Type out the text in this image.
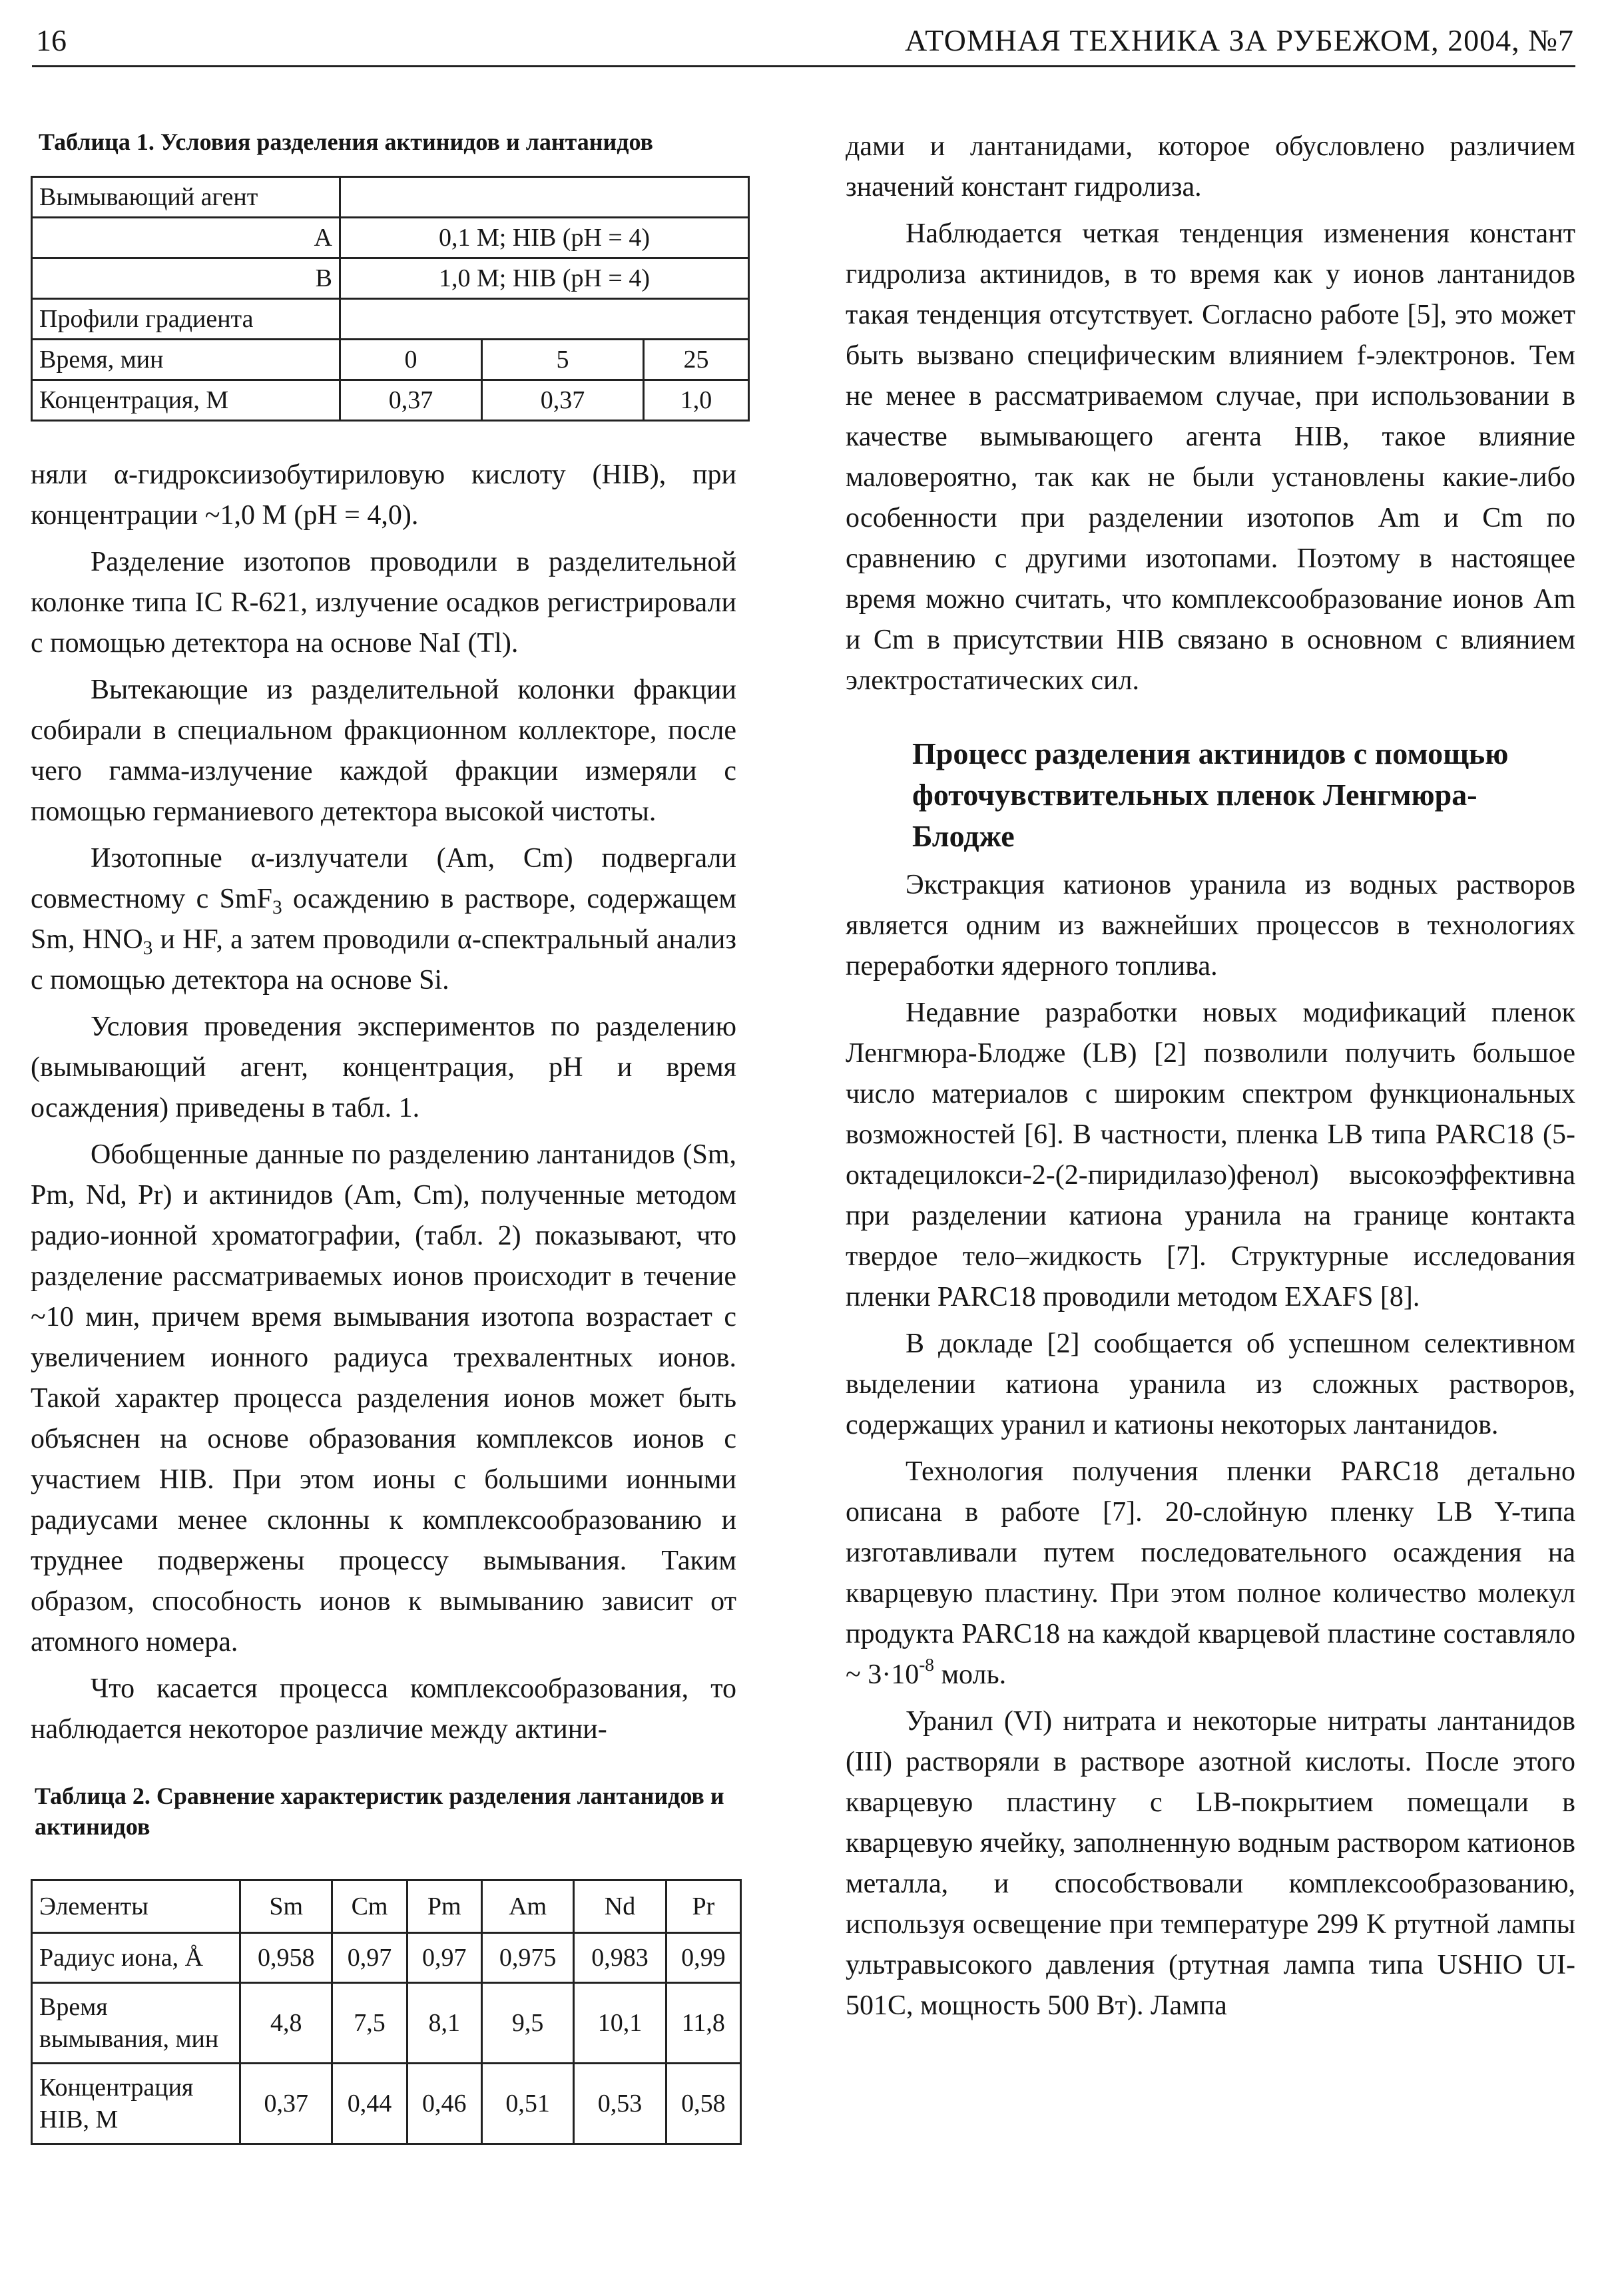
16	АТОМНАЯ ТЕХНИКА ЗА РУБЕЖОМ, 2004, №7

Таблица 1. Условия разделения актинидов и лантанидов

Вымывающий агент			
A	0,1 M; HIB (pH = 4)		
B	1,0 M; HIB (pH = 4)		
Профили градиента			
Время, мин	0	5	25
Концентрация, M	0,37	0,37	1,0

няли α-гидроксиизобутириловую кислоту (HIB), при концентрации ~1,0 M (pH = 4,0).

Разделение изотопов проводили в разделительной колонке типа IC R-621, излучение осадков регистрировали с помощью детектора на основе NaI (Tl).

Вытекающие из разделительной колонки фракции собирали в специальном фракционном коллекторе, после чего гамма-излучение каждой фракции измеряли с помощью германиевого детектора высокой чистоты.

Изотопные α-излучатели (Am, Cm) подвергали совместному с SmF$_3$ осаждению в растворе, содержащем Sm, $HNO_3$ и HF, а затем проводили α-спектральный анализ с помощью детектора на основе Si.

Условия проведения экспериментов по разделению (вымывающий агент, концентрация, pH и время осаждения) приведены в табл. 1.

Обобщенные данные по разделению лантанидов (Sm, Pm, Nd, Pr) и актинидов (Am, Cm), полученные методом радио-ионной хроматографии, (табл. 2) показывают, что разделение рассматриваемых ионов происходит в течение ~10 мин, причем время вымывания изотопа возрастает с увеличением ионного радиуса трехвалентных ионов. Такой характер процесса разделения ионов может быть объяснен на основе образования комплексов ионов с участием HIB. При этом ионы с большими ионными радиусами менее склонны к комплексообразованию и труднее подвержены процессу вымывания. Таким образом, способность ионов к вымыванию зависит от атомного номера.

Что касается процесса комплексообразования, то наблюдается некоторое различие между актини-

Таблица 2. Сравнение характеристик разделения лантанидов и актинидов

Элементы	Sm	Cm	Pm	Am	Nd	Pr
Радиус иона, Å	0,958	0,97	0,97	0,975	0,983	0,99
Время вымывания, мин	4,8	7,5	8,1	9,5	10,1	11,8
Концентрация HIB, M	0,37	0,44	0,46	0,51	0,53	0,58

дами и лантанидами, которое обусловлено различием значений констант гидролиза.

Наблюдается четкая тенденция изменения констант гидролиза актинидов, в то время как у ионов лантанидов такая тенденция отсутствует. Согласно работе [5], это может быть вызвано специфическим влиянием f-электронов. Тем не менее в рассматриваемом случае, при использовании в качестве вымывающего агента HIB, такое влияние маловероятно, так как не были установлены какие-либо особенности при разделении изотопов Am и Cm по сравнению с другими изотопами. Поэтому в настоящее время можно считать, что комплексообразование ионов Am и Cm в присутствии HIB связано в основном с влиянием электростатических сил.

Процесс разделения актинидов с помощью фоточувствительных пленок Ленгмюра-Блодже

Экстракция катионов уранила из водных растворов является одним из важнейших процессов в технологиях переработки ядерного топлива.

Недавние разработки новых модификаций пленок Ленгмюра-Блодже (LB) [2] позволили получить большое число материалов с широким спектром функциональных возможностей [6]. В частности, пленка LB типа PARC18 (5-октадецилокси-2-(2-пиридилазо)фенол) высокоэффективна при разделении катиона уранила на границе контакта твердое тело–жидкость [7]. Структурные исследования пленки PARC18 проводили методом EXAFS [8].

В докладе [2] сообщается об успешном селективном выделении катиона уранила из сложных растворов, содержащих уранил и катионы некоторых лантанидов.

Технология получения пленки PARC18 детально описана в работе [7]. 20-слойную пленку LB Y-типа изготавливали путем последовательного осаждения на кварцевую пластину. При этом полное количество молекул продукта PARC18 на каждой кварцевой пластине составляло ~ $3\cdot 10^{-8}$ моль.

Уранил (VI) нитрата и некоторые нитраты лантанидов (III) растворяли в растворе азотной кислоты. После этого кварцевую пластину с LB-покрытием помещали в кварцевую ячейку, заполненную водным раствором катионов металла, и способствовали комплексообразованию, используя освещение при температуре 299 K ртутной лампы ультравысокого давления (ртутная лампа типа USHIO UI-501C, мощность 500 Вт). Лампа
